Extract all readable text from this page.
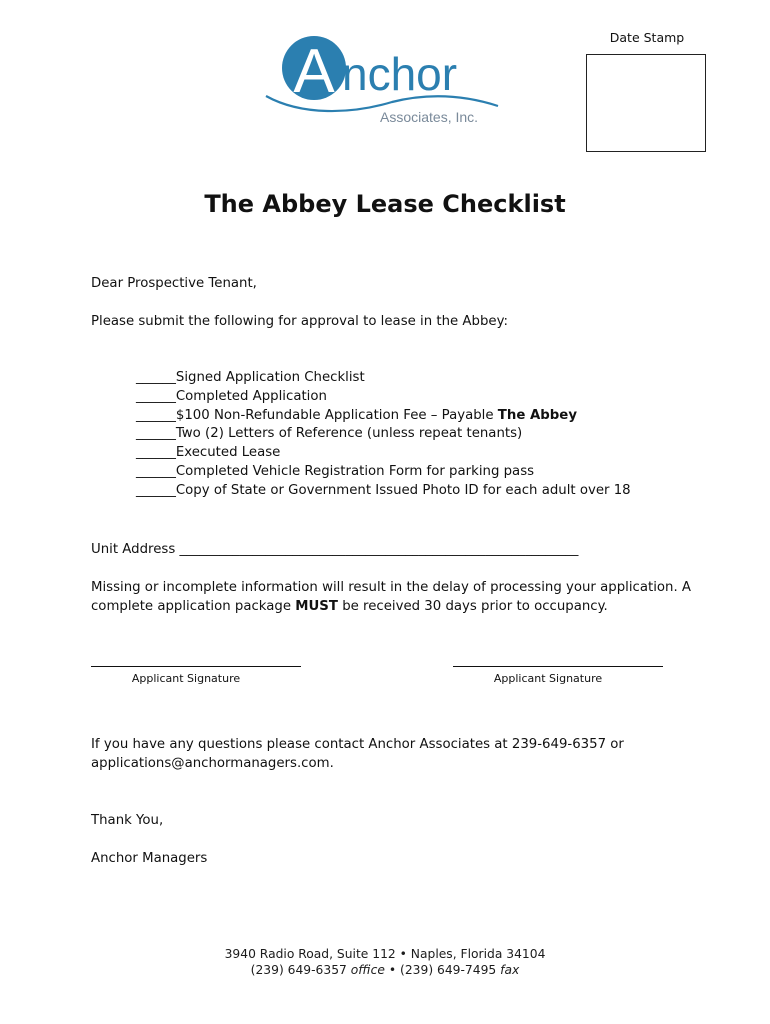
Date Stamp
A nchor
Associates, Inc.
The Abbey Lease Checklist
Dear Prospective Tenant,
Please submit the following for approval to lease in the Abbey:
______Signed Application Checklist
______Completed Application
______$100 Non-Refundable Application Fee – Payable The Abbey
______Two (2) Letters of Reference (unless repeat tenants)
______Executed Lease
______Completed Vehicle Registration Form for parking pass
______Copy of State or Government Issued Photo ID for each adult over 18
Unit Address ____________________________________________________________
Missing or incomplete information will result in the delay of processing your application. A
complete application package MUST be received 30 days prior to occupancy.
Applicant Signature	Applicant Signature
If you have any questions please contact Anchor Associates at 239-649-6357 or
applications@anchormanagers.com.
Thank You,
Anchor Managers
3940 Radio Road, Suite 112 • Naples, Florida 34104
(239) 649-6357 office • (239) 649-7495 fax
